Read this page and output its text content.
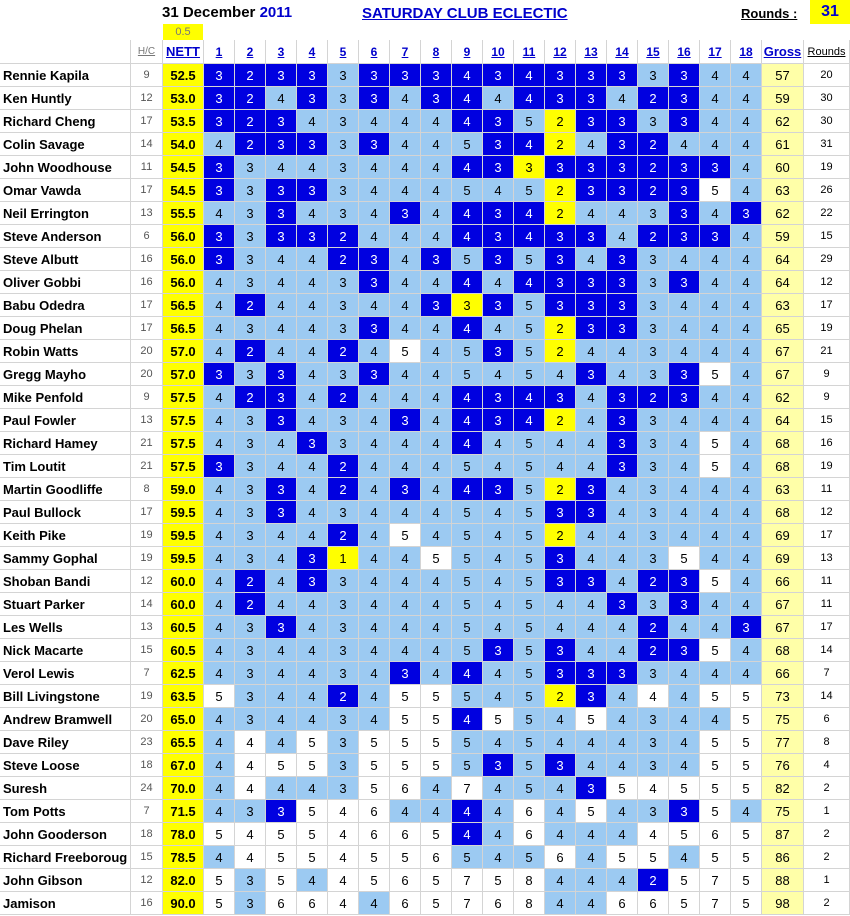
31 December 2011	SATURDAY CLUB ECLECTIC	Rounds : 31
0.5
H/C NETT	1	2	3	4	5	6	7	8	9	10	11	12	13	14	15	16	17	18 Gross Rounds
Rennie Kapila	9	52.5	3	2	3	3	3	3	3	3	4	3	4	3	3	3	3	3	4	4	57	20
Ken Huntly	12	53.0	3	2	4	3	3	3	4	3	4	4	4	3	3	4	2	3	4	4	59	30
Richard Cheng	17	53.5	3	2	3	4	3	4	4	4	4	3	5	2	3	3	3	3	4	4	62	30
Colin Savage	14	54.0	4	2	3	3	3	3	4	4	5	3	4	2	4	3	2	4	4	4	61	31
John Woodhouse	11	54.5	3	3	4	4	3	4	4	4	4	3	3	3	3	3	2	3	3	4	60	19
Omar Vawda	17	54.5	3	3	3	3	3	4	4	4	5	4	5	2	3	3	2	3	5	4	63	26
Neil Errington	13	55.5	4	3	3	4	3	4	3	4	4	3	4	2	4	4	3	3	4	3	62	22
Steve Anderson	6	56.0	3	3	3	3	2	4	4	4	4	3	4	3	3	4	2	3	3	4	59	15
Steve Albutt	16	56.0	3	3	4	4	2	3	4	3	5	3	5	3	4	3	3	4	4	4	64	29
Oliver Gobbi	16	56.0	4	3	4	4	3	3	4	4	4	4	4	3	3	3	3	3	4	4	64	12
Babu Odedra	17	56.5	4	2	4	4	3	4	4	3	3	3	5	3	3	3	3	4	4	4	63	17
Doug Phelan	17	56.5	4	3	4	4	3	3	4	4	4	4	5	2	3	3	3	4	4	4	65	19
Robin Watts	20	57.0	4	2	4	4	2	4	5	4	5	3	5	2	4	4	3	4	4	4	67	21
Gregg Mayho	20	57.0	3	3	3	4	3	3	4	4	5	4	5	4	3	4	3	3	5	4	67	9
Mike Penfold	9	57.5	4	2	3	4	2	4	4	4	4	3	4	3	4	3	2	3	4	4	62	9
Paul Fowler	13	57.5	4	3	3	4	3	4	3	4	4	3	4	2	4	3	3	4	4	4	64	15
Richard Hamey	21	57.5	4	3	4	3	3	4	4	4	4	4	5	4	4	3	3	4	5	4	68	16
Tim Loutit	21	57.5	3	3	4	4	2	4	4	4	5	4	5	4	4	3	3	4	5	4	68	19
Martin Goodliffe	8	59.0	4	3	3	4	2	4	3	4	4	3	5	2	3	4	3	4	4	4	63	11
Paul Bullock	17	59.5	4	3	3	4	3	4	4	4	5	4	5	3	3	4	3	4	4	4	68	12
Keith Pike	19	59.5	4	3	4	4	2	4	5	4	5	4	5	2	4	4	3	4	4	4	69	17
Sammy Gophal	19	59.5	4	3	4	3	1	4	4	5	5	4	5	3	4	4	3	5	4	4	69	13
Shoban Bandi	12	60.0	4	2	4	3	3	4	4	4	5	4	5	3	3	4	2	3	5	4	66	11
Stuart Parker	14	60.0	4	2	4	4	3	4	4	4	5	4	5	4	4	3	3	3	4	4	67	11
Les Wells	13	60.5	4	3	3	4	3	4	4	4	5	4	5	4	4	4	2	4	4	3	67	17
Nick Macarte	15	60.5	4	3	4	4	3	4	4	4	5	3	5	3	4	4	2	3	5	4	68	14
Verol Lewis	7	62.5	4	3	4	4	3	4	3	4	4	4	5	3	3	3	3	4	4	4	66	7
Bill Livingstone	19	63.5	5	3	4	4	2	4	5	5	5	4	5	2	3	4	4	4	5	5	73	14
Andrew Bramwell	20	65.0	4	3	4	4	3	4	5	5	4	5	5	4	5	4	3	4	4	5	75	6
Dave Riley	23	65.5	4	4	4	5	3	5	5	5	5	4	5	4	4	4	3	4	5	5	77	8
Steve Loose	18	67.0	4	4	5	5	3	5	5	5	5	3	5	3	4	4	3	4	5	5	76	4
Suresh	24	70.0	4	4	4	4	3	5	6	4	7	4	5	4	3	5	4	5	5	5	82	2
Tom Potts	7	71.5	4	3	3	5	4	6	4	4	4	4	6	4	5	4	3	3	5	4	75	1
John Gooderson	18	78.0	5	4	5	5	4	6	6	5	4	4	6	4	4	4	4	5	6	5	87	2
Richard Freeboroug	15	78.5	4	4	5	5	4	5	5	6	5	4	5	6	4	5	5	4	5	5	86	2
John Gibson	12	82.0	5	3	5	4	4	5	6	5	7	5	8	4	4	4	2	5	7	5	88	1
Jamison	16	90.0	5	3	6	6	4	4	6	5	7	6	8	4	4	6	6	5	7	5	98	2
